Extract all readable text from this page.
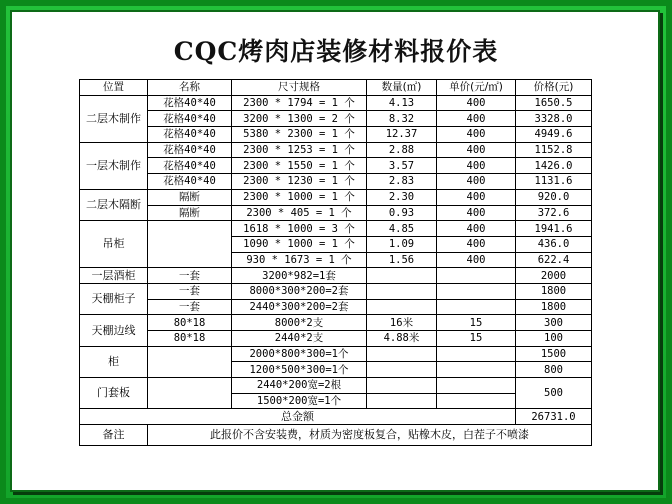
CQC烤肉店装修材料报价表
位置	名称	尺寸规格	数量(㎡)	单价(元/㎡)	价格(元)
二层木制作	花格40*40	2300 * 1794 = 1 个	4.13	400	1650.5
	花格40*40	3200 * 1300 = 2 个	8.32	400	3328.0
	花格40*40	5380 * 2300 = 1 个	12.37	400	4949.6
一层木制作	花格40*40	2300 * 1253 = 1 个	2.88	400	1152.8
	花格40*40	2300 * 1550 = 1 个	3.57	400	1426.0
	花格40*40	2300 * 1230 = 1 个	2.83	400	1131.6
二层木隔断	隔断	2300 * 1000 = 1 个	2.30	400	920.0
	隔断	2300 * 405 = 1 个	0.93	400	372.6
吊柜		1618 * 1000 = 3 个	4.85	400	1941.6
		1090 * 1000 = 1 个	1.09	400	436.0
		930 * 1673 = 1 个	1.56	400	622.4
一层酒柜	一套	3200*982=1套			2000
天棚柜子	一套	8000*300*200=2套			1800
	一套	2440*300*200=2套			1800
天棚边线	80*18	8000*2支	16米	15	300
	80*18	2440*2支	4.88米	15	100
柜		2000*800*300=1个			1500
		1200*500*300=1个			800
门套板		2440*200宽=2根			500
		1500*200宽=1个			
总金额					26731.0
备注	此报价不含安装费，材质为密度板复合，贴橡木皮，白茬子不喷漆				
